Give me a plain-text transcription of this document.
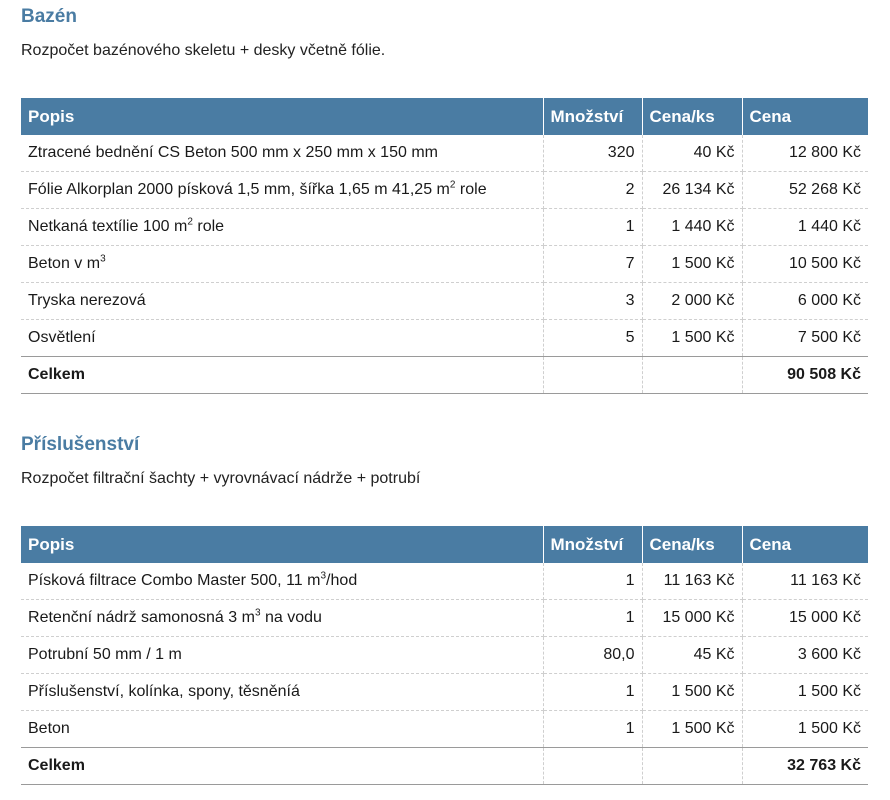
Bazén

Rozpočet bazénového skeletu + desky včetně fólie.

Popis	Množství	Cena/ks	Cena
Ztracené bednění CS Beton 500 mm x 250 mm x 150 mm	320	40 Kč	12 800 Kč
Fólie Alkorplan 2000 písková 1,5 mm, šířka 1,65 m 41,25 $m^2$ role	2	26 134 Kč	52 268 Kč
Netkaná textílie 100 $m^2$ role	1	1 440 Kč	1 440 Kč
Beton v $m^3$	7	1 500 Kč	10 500 Kč
Tryska nerezová	3	2 000 Kč	6 000 Kč
Osvětlení	5	1 500 Kč	7 500 Kč
Celkem			90 508 Kč
Příslušenství

Rozpočet filtrační šachty + vyrovnávací nádrže + potrubí

Popis	Množství	Cena/ks	Cena
Písková filtrace Combo Master 500, 11 $m^3$/hod	1	11 163 Kč	11 163 Kč
Retenční nádrž samonosná 3 $m^3$ na vodu	1	15 000 Kč	15 000 Kč
Potrubní 50 mm / 1 m	80,0	45 Kč	3 600 Kč
Příslušenství, kolínka, spony, těsněníá	1	1 500 Kč	1 500 Kč
Beton	1	1 500 Kč	1 500 Kč
Celkem			32 763 Kč
